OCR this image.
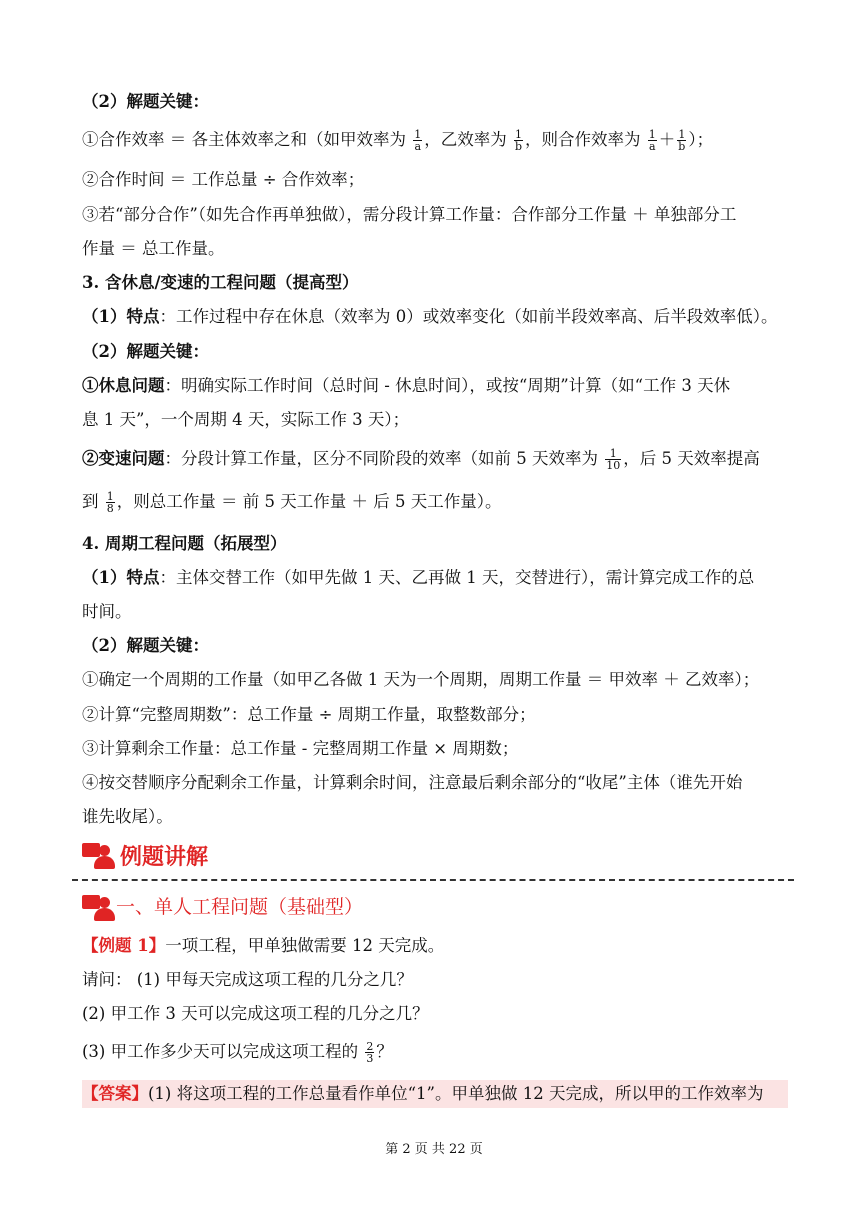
（2）解题关键：
①合作效率 ＝ 各主体效率之和（如甲效率为 $\frac{1}{a}$ ，乙效率为 $\frac{1}{b}$ ，则合作效率为 $\frac{1}{a} + \frac{1}{b}$ ）；
②合作时间 ＝ 工作总量 ÷ 合作效率；
③若“部分合作”（如先合作再单独做），需分段计算工作量：合作部分工作量 ＋ 单独部分工
作量 ＝ 总工作量。
3. 含休息/变速的工程问题（提高型）
（1）特点：工作过程中存在休息（效率为 0）或效率变化（如前半段效率高、后半段效率低）。
（2）解题关键：
①休息问题：明确实际工作时间（总时间 - 休息时间），或按“周期”计算（如“工作 3 天休
息 1 天”，一个周期 4 天，实际工作 3 天）；
②变速问题：分段计算工作量，区分不同阶段的效率（如前 5 天效率为 $\frac{1}{10}$ ，后 5 天效率提高
到 $\frac{1}{8}$ ，则总工作量 ＝ 前 5 天工作量 ＋ 后 5 天工作量）。
4. 周期工程问题（拓展型）
（1）特点：主体交替工作（如甲先做 1 天、乙再做 1 天，交替进行），需计算完成工作的总
时间。
（2）解题关键：
①确定一个周期的工作量（如甲乙各做 1 天为一个周期，周期工作量 ＝ 甲效率 ＋ 乙效率）；
②计算“完整周期数”：总工作量 ÷ 周期工作量，取整数部分；
③计算剩余工作量：总工作量 - 完整周期工作量 × 周期数；
④按交替顺序分配剩余工作量，计算剩余时间，注意最后剩余部分的“收尾”主体（谁先开始
谁先收尾）。
例题讲解
一、单人工程问题（基础型）
【例题 1】一项工程，甲单独做需要 12 天完成。
请问： (1) 甲每天完成这项工程的几分之几？
(2) 甲工作 3 天可以完成这项工程的几分之几？
(3) 甲工作多少天可以完成这项工程的 $\frac{2}{3}$ ？
【答案】(1) 将这项工程的工作总量看作单位“1”。甲单独做 12 天完成，所以甲的工作效率为
第 2 页 共 22 页
